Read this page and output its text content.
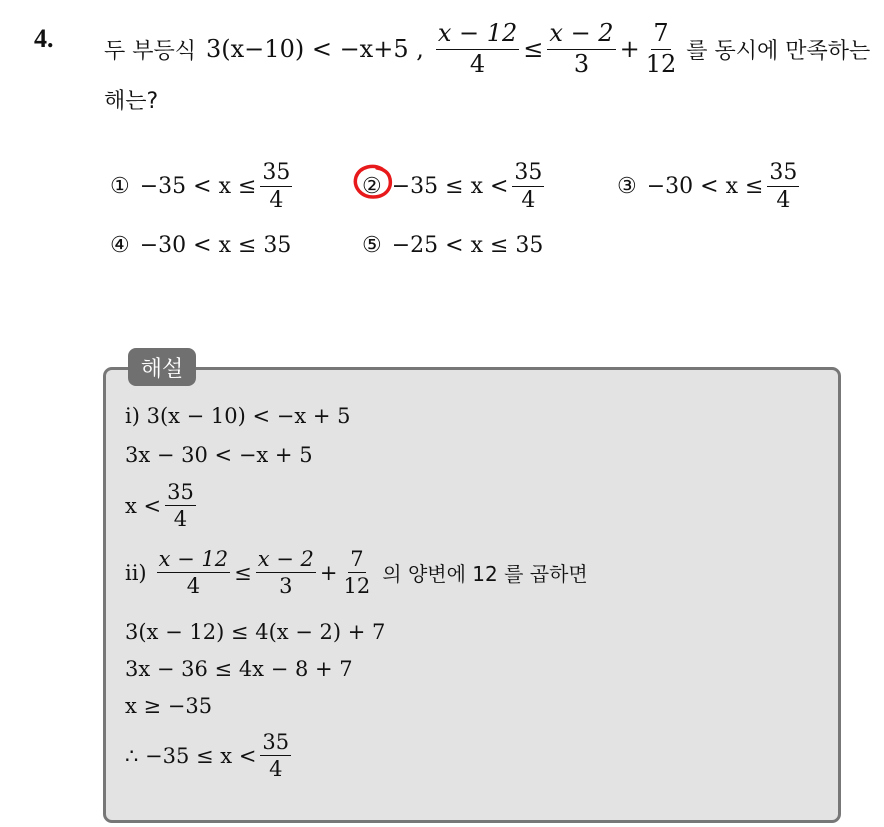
4. 두 부등식 3(x−10) < −x+5 , $\frac{x - 12}{4} \le \frac{x - 2}{3} + \frac{7}{12}$ 를 동시에 만족하는
해는?
① $-35 < x \le \frac{35}{4}$	② $-35 \le x < \frac{35}{4}$	③ $-30 < x \le \frac{35}{4}$
④ −30 < x ≤ 35	⑤ −25 < x ≤ 35
해설
i) 3(x − 10) < −x + 5
3x − 30 < −x + 5
$x < \frac{35}{4}$
$ii) \frac{x - 12}{4} \le \frac{x - 2}{3} + \frac{7}{12}$ 의 양변에 12 를 곱하면
3(x − 12) ≤ 4(x − 2) + 7
3x − 36 ≤ 4x − 8 + 7
x ≥ −35
∴ $-35 \le x < \frac{35}{4}$
